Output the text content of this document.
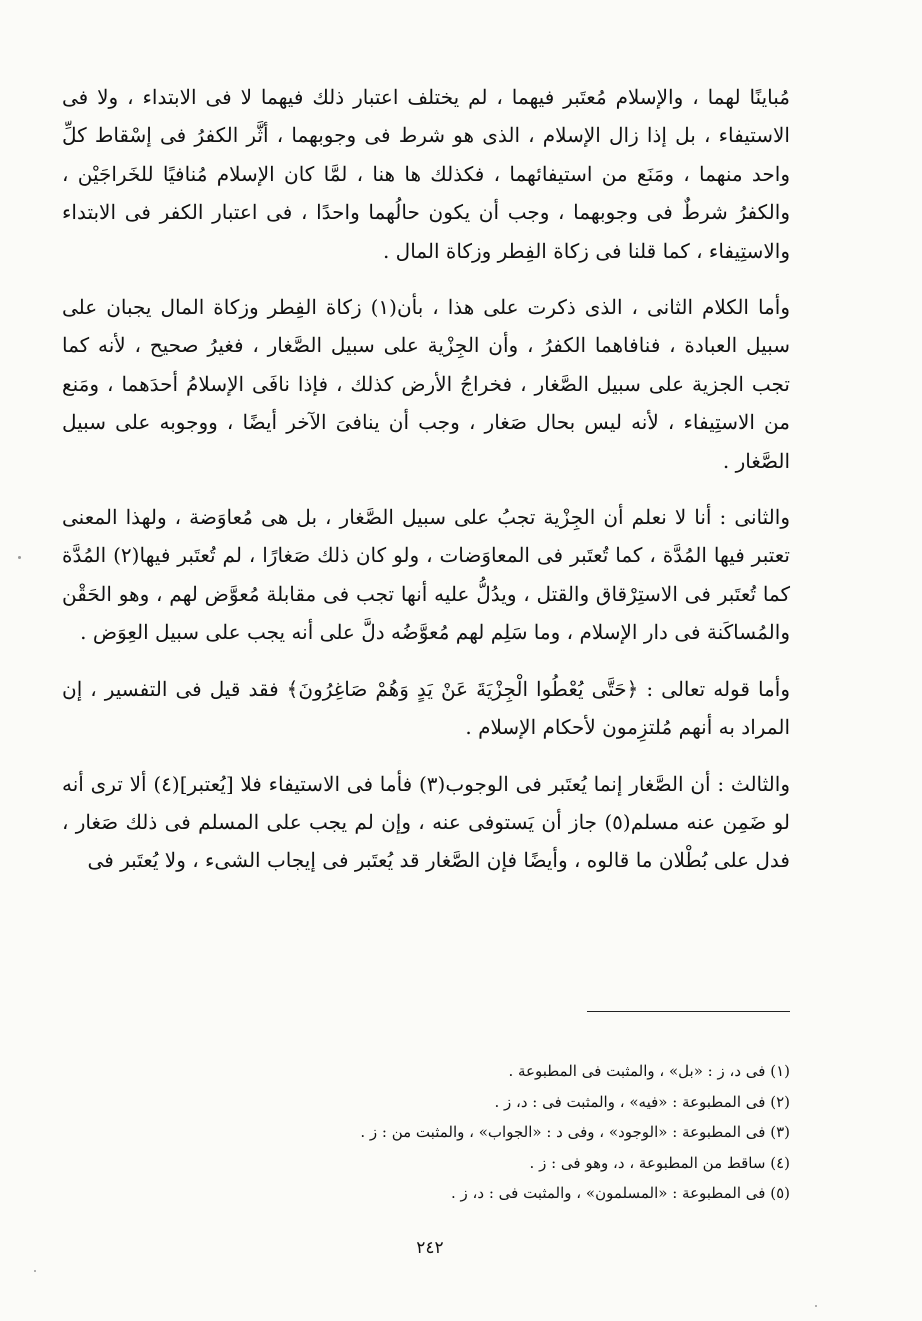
مُباينًا لهما ، والإسلام مُعتَبر فيهما ، لم يختلف اعتبار ذلك فيهما لا فى الابتداء ، ولا فى الاستيفاء ، بل إذا زال الإسلام ، الذى هو شرط فى وجوبهما ، أثَّر الكفرُ فى إسْقاط كلِّ واحد منهما ، ومَنَع من استيفائهما ، فكذلك ها هنا ، لمَّا كان الإسلام مُنافيًا للخَراجَيْن ، والكفرُ شرطٌ فى وجوبهما ، وجب أن يكون حالُهما واحدًا ، فى اعتبار الكفر فى الابتداء والاستِيفاء ، كما قلنا فى زكاة الفِطر وزكاة المال .

وأما الكلام الثانى ، الذى ذكرت على هذا ، بأن(١) زكاة الفِطر وزكاة المال يجبان على سبيل العبادة ، فنافاهما الكفرُ ، وأن الجِزْية على سبيل الصَّغار ، فغيرُ صحيح ، لأنه كما تجب الجزية على سبيل الصَّغار ، فخراجُ الأرض كذلك ، فإذا نافَى الإسلامُ أحدَهما ، ومَنع من الاستِيفاء ، لأنه ليس بحال صَغار ، وجب أن ينافىَ الآخر أيضًا ، ووجوبه على سبيل الصَّغار .

والثانى : أنا لا نعلم أن الجِزْية تجبُ على سبيل الصَّغار ، بل هى مُعاوَضة ، ولهذا المعنى تعتبر فيها المُدَّة ، كما تُعتَبر فى المعاوَضات ، ولو كان ذلك صَغارًا ، لم تُعتَبر فيها(٢) المُدَّة كما تُعتَبر فى الاستِرْقاق والقتل ، ويدُلُّ عليه أنها تجب فى مقابلة مُعوَّض لهم ، وهو الحَقْن والمُساكَنة فى دار الإسلام ، وما سَلِم لهم مُعوَّضُه دلَّ على أنه يجب على سبيل العِوَض .

وأما قوله تعالى : ﴿حَتَّى يُعْطُوا الْجِزْيَةَ عَنْ يَدٍ وَهُمْ صَاغِرُونَ﴾ فقد قيل فى التفسير ، إن المراد به أنهم مُلتزِمون لأحكام الإسلام .

والثالث : أن الصَّغار إنما يُعتَبر فى الوجوب(٣) فأما فى الاستيفاء فلا [يُعتبر](٤) ألا ترى أنه لو ضَمِن عنه مسلم(٥) جاز أن يَستوفى عنه ، وإن لم يجب على المسلم فى ذلك صَغار ، فدل على بُطْلان ما قالوه ، وأيضًا فإن الصَّغار قد يُعتَبر فى إيجاب الشىء ، ولا يُعتَبر فى

(١) فى د، ز : «بل» ، والمثبت فى المطبوعة .

(٢) فى المطبوعة : «فيه» ، والمثبت فى : د، ز .

(٣) فى المطبوعة : «الوجود» ، وفى د : «الجواب» ، والمثبت من : ز .

(٤) ساقط من المطبوعة ، د، وهو فى : ز .

(٥) فى المطبوعة : «المسلمون» ، والمثبت فى : د، ز .

٢٤٢
